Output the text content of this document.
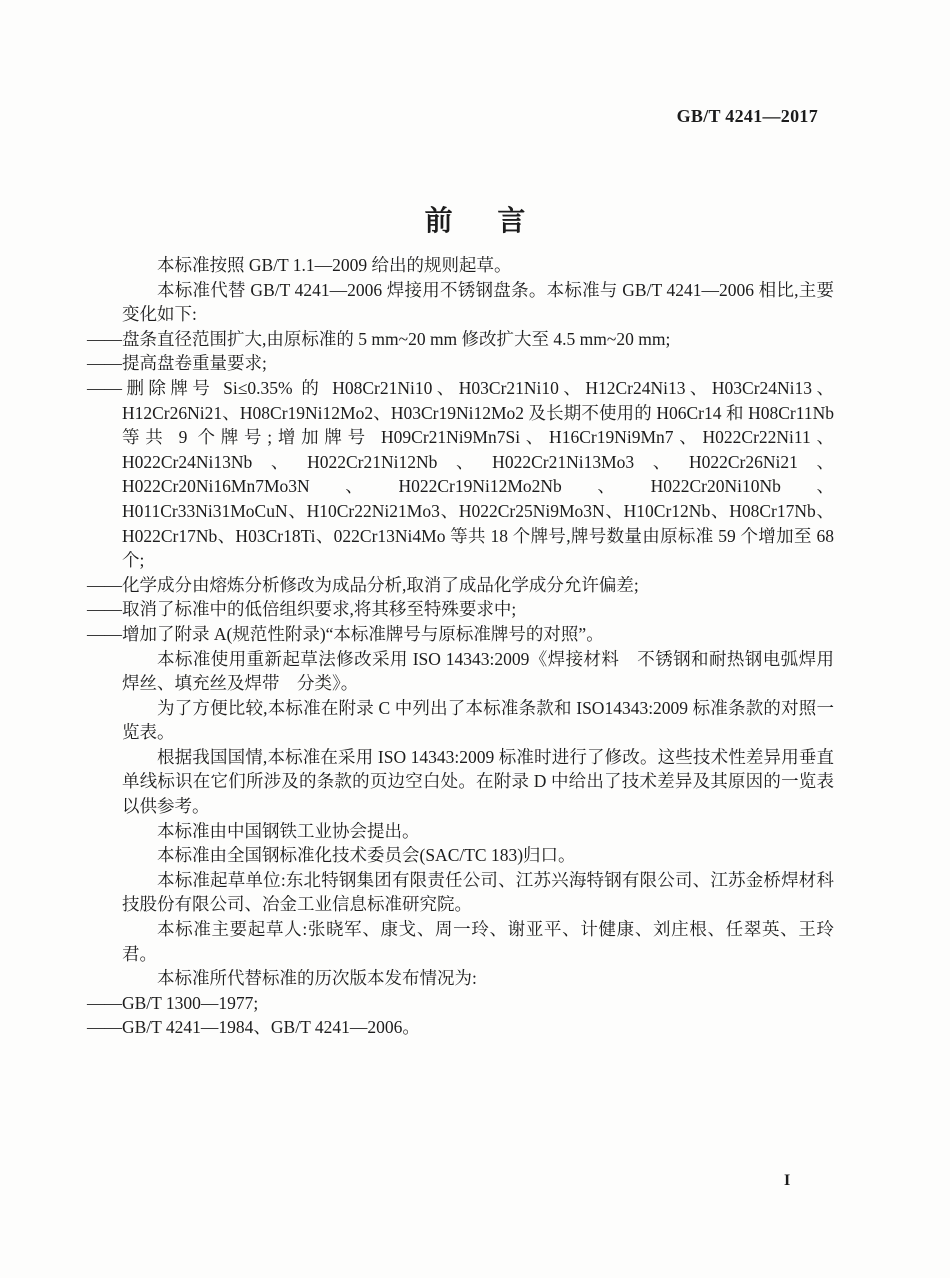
GB/T 4241—2017
前言

本标准按照 GB/T 1.1—2009 给出的规则起草。

本标准代替 GB/T 4241—2006 焊接用不锈钢盘条。本标准与 GB/T 4241—2006 相比,主要变化如下:

——盘条直径范围扩大,由原标准的 5 mm~20 mm 修改扩大至 4.5 mm~20 mm;

——提高盘卷重量要求;

——删除牌号 Si≤0.35% 的 H08Cr21Ni10、H03Cr21Ni10、H12Cr24Ni13、H03Cr24Ni13、H12Cr26Ni21、H08Cr19Ni12Mo2、H03Cr19Ni12Mo2 及长期不使用的 H06Cr14 和 H08Cr11Nb 等共 9 个牌号;增加牌号 H09Cr21Ni9Mn7Si、H16Cr19Ni9Mn7、H022Cr22Ni11、H022Cr24Ni13Nb、H022Cr21Ni12Nb、H022Cr21Ni13Mo3、H022Cr26Ni21、H022Cr20Ni16Mn7Mo3N、H022Cr19Ni12Mo2Nb、H022Cr20Ni10Nb、H011Cr33Ni31MoCuN、H10Cr22Ni21Mo3、H022Cr25Ni9Mo3N、H10Cr12Nb、H08Cr17Nb、H022Cr17Nb、H03Cr18Ti、022Cr13Ni4Mo 等共 18 个牌号,牌号数量由原标准 59 个增加至 68 个;

——化学成分由熔炼分析修改为成品分析,取消了成品化学成分允许偏差;

——取消了标准中的低倍组织要求,将其移至特殊要求中;

——增加了附录 A(规范性附录)“本标准牌号与原标准牌号的对照”。

本标准使用重新起草法修改采用 ISO 14343:2009《焊接材料　不锈钢和耐热钢电弧焊用焊丝、填充丝及焊带　分类》。

为了方便比较,本标准在附录 C 中列出了本标准条款和 ISO14343:2009 标准条款的对照一览表。

根据我国国情,本标准在采用 ISO 14343:2009 标准时进行了修改。这些技术性差异用垂直单线标识在它们所涉及的条款的页边空白处。在附录 D 中给出了技术差异及其原因的一览表以供参考。

本标准由中国钢铁工业协会提出。

本标准由全国钢标准化技术委员会(SAC/TC 183)归口。

本标准起草单位:东北特钢集团有限责任公司、江苏兴海特钢有限公司、江苏金桥焊材科技股份有限公司、冶金工业信息标准研究院。

本标准主要起草人:张晓军、康戈、周一玲、谢亚平、计健康、刘庄根、任翠英、王玲君。

本标准所代替标准的历次版本发布情况为:

——GB/T 1300—1977;

——GB/T 4241—1984、GB/T 4241—2006。

I
